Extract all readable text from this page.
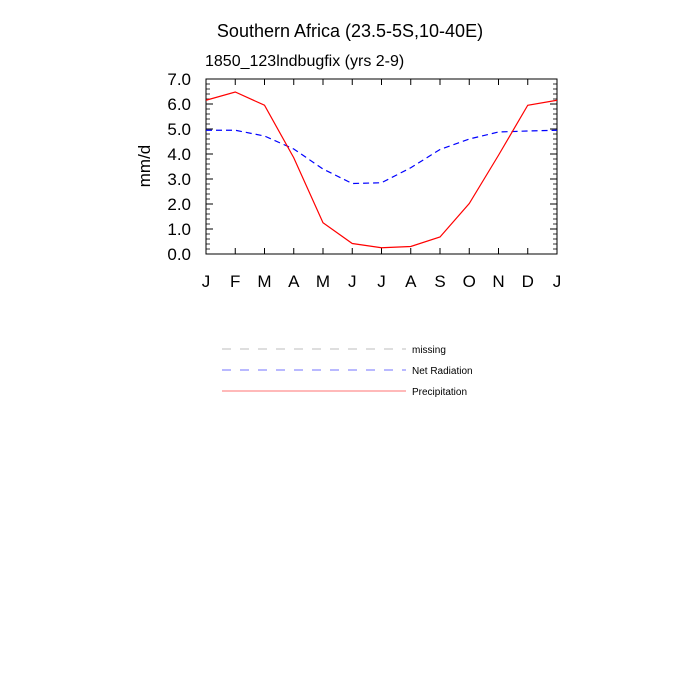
Southern Africa (23.5-5S,10-40E)
1850_123lndbugfix (yrs 2-9)
mm/d
J F M A M J J A S O N D J
0.0
1.0
2.0
3.0
4.0
5.0
6.0
7.0
missing
Net Radiation
Precipitation
